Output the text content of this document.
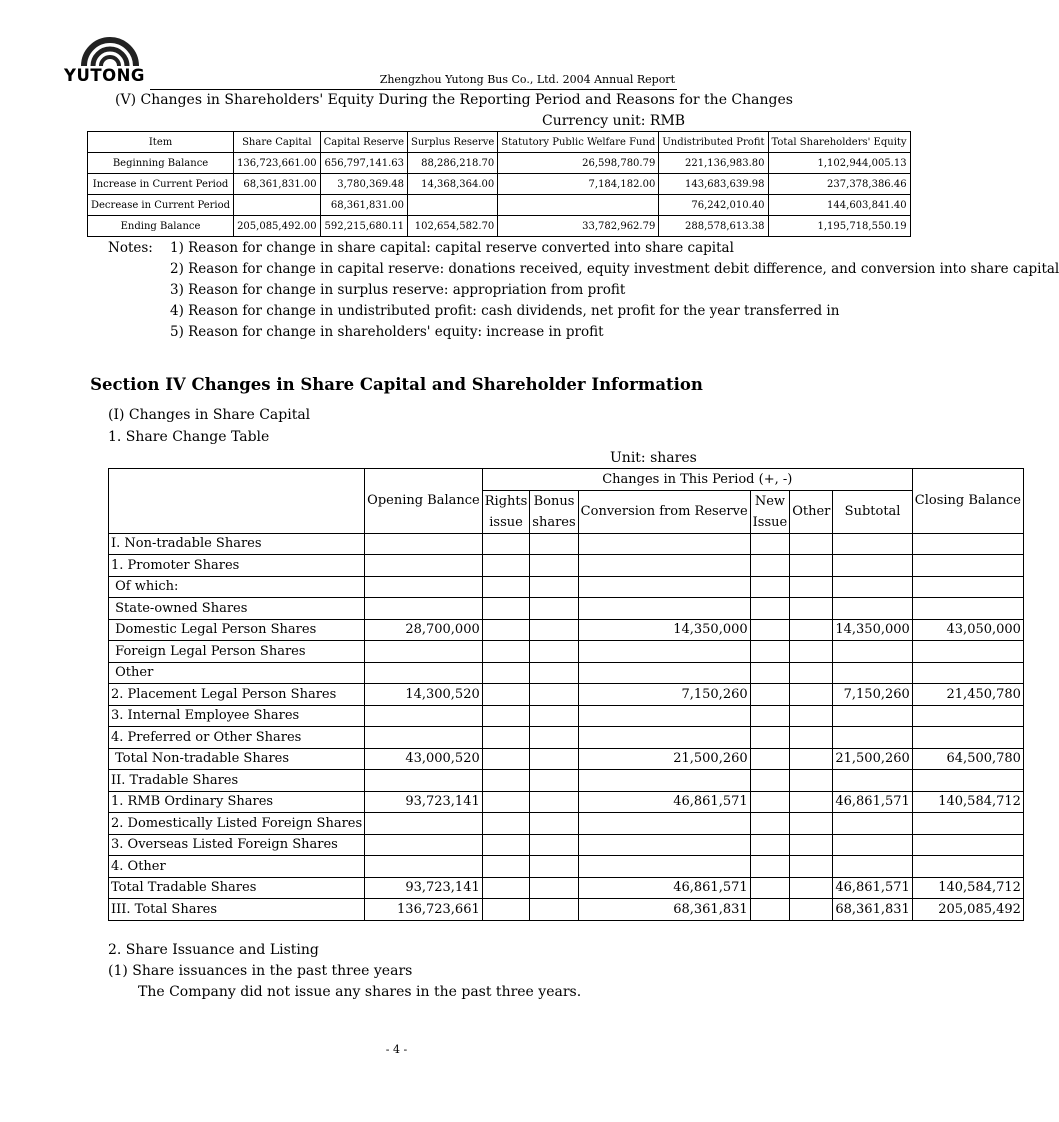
YUTONG	Zhengzhou Yutong Bus Co., Ltd. 2004 Annual Report
(V) Changes in Shareholders' Equity During the Reporting Period and Reasons for the Changes
Currency unit: RMB
Item	Share Capital	Capital Reserve	Surplus Reserve	Statutory Public Welfare Fund	Undistributed Profit	Total Shareholders' Equity
Beginning Balance	136,723,661.00	656,797,141.63	88,286,218.70	26,598,780.79	221,136,983.80	1,102,944,005.13
Increase in Current Period	68,361,831.00	3,780,369.48	14,368,364.00	7,184,182.00	143,683,639.98	237,378,386.46
Decrease in Current Period		68,361,831.00			76,242,010.40	144,603,841.40
Ending Balance	205,085,492.00	592,215,680.11	102,654,582.70	33,782,962.79	288,578,613.38	1,195,718,550.19
Notes: 1) Reason for change in share capital: capital reserve converted into share capital
2) Reason for change in capital reserve: donations received, equity investment debit difference, and conversion into share capital
3) Reason for change in surplus reserve: appropriation from profit
4) Reason for change in undistributed profit: cash dividends, net profit for the year transferred in
5) Reason for change in shareholders' equity: increase in profit
Section IV Changes in Share Capital and Shareholder Information
(I) Changes in Share Capital
1. Share Change Table
Unit: shares
	Opening Balance	Changes in This Period (+, -)						Closing Balance
		Rights issue	Bonus shares	Conversion from Reserve	New Issue	Other	Subtotal	
I. Non-tradable Shares								
1. Promoter Shares								
Of which:								
State-owned Shares								
Domestic Legal Person Shares	28,700,000			14,350,000			14,350,000	43,050,000
Foreign Legal Person Shares								
Other								
2. Placement Legal Person Shares	14,300,520			7,150,260			7,150,260	21,450,780
3. Internal Employee Shares								
4. Preferred or Other Shares								
Total Non-tradable Shares	43,000,520			21,500,260			21,500,260	64,500,780
II. Tradable Shares								
1. RMB Ordinary Shares	93,723,141			46,861,571			46,861,571	140,584,712
2. Domestically Listed Foreign Shares								
3. Overseas Listed Foreign Shares								
4. Other								
Total Tradable Shares	93,723,141			46,861,571			46,861,571	140,584,712
III. Total Shares	136,723,661			68,361,831			68,361,831	205,085,492
2. Share Issuance and Listing
(1) Share issuances in the past three years
The Company did not issue any shares in the past three years.
- 4 -
